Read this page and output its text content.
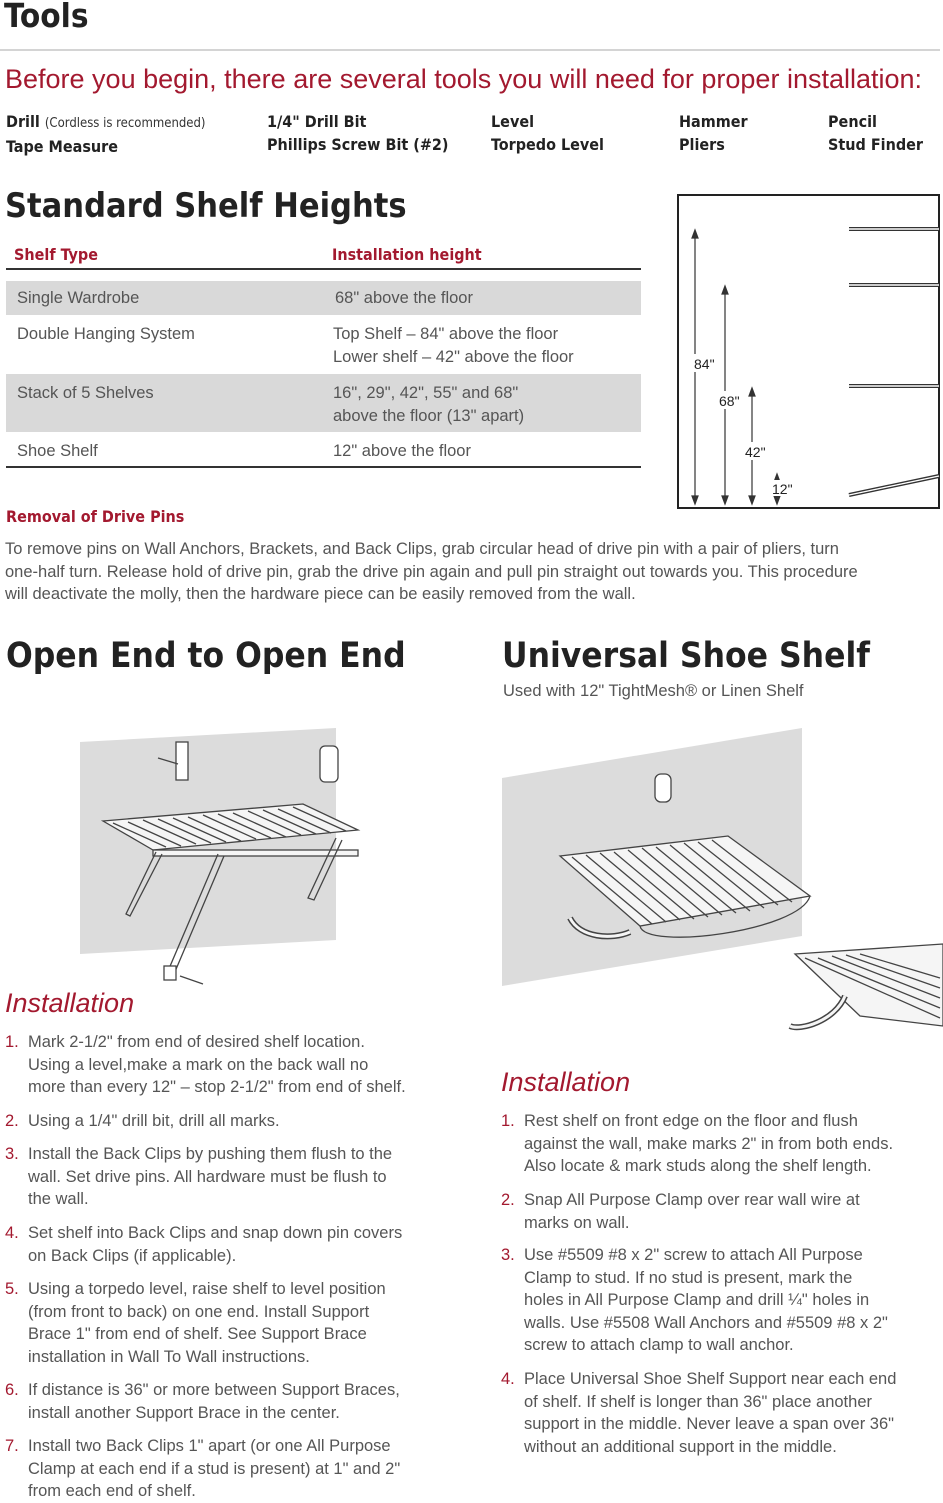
Tools
Before you begin, there are several tools you will need for proper installation:
Drill (Cordless is recommended)
Tape Measure
1/4" Drill Bit
Phillips Screw Bit (#2)
Level
Torpedo Level
Hammer
Pliers
Pencil
Stud Finder
Standard Shelf Heights
Shelf Type	Installation height
Single Wardrobe	68" above the floor
Double Hanging System	Top Shelf – 84" above the floor
Lower shelf – 42" above the floor
Stack of 5 Shelves	16", 29", 42", 55" and 68"
above the floor (13" apart)
Shoe Shelf	12" above the floor
84"
68"
42"
12"
Removal of Drive Pins
To remove pins on Wall Anchors, Brackets, and Back Clips, grab circular head of drive pin with a pair of pliers, turn
one-half turn. Release hold of drive pin, grab the drive pin again and pull pin straight out towards you. This procedure
will deactivate the molly, then the hardware piece can be easily removed from the wall.
Open End to Open End
Installation
1. Mark 2-1/2" from end of desired shelf location.
Using a level,make a mark on the back wall no
more than every 12" – stop 2-1/2" from end of shelf.
2. Using a 1/4" drill bit, drill all marks.
3. Install the Back Clips by pushing them flush to the
wall. Set drive pins. All hardware must be flush to
the wall.
4. Set shelf into Back Clips and snap down pin covers
on Back Clips (if applicable).
5. Using a torpedo level, raise shelf to level position
(from front to back) on one end. Install Support
Brace 1" from end of shelf. See Support Brace
installation in Wall To Wall instructions.
6. If distance is 36" or more between Support Braces,
install another Support Brace in the center.
7. Install two Back Clips 1" apart (or one All Purpose
Clamp at each end if a stud is present) at 1" and 2"
from each end of shelf.
Universal Shoe Shelf
Used with 12" TightMesh® or Linen Shelf
Installation
1. Rest shelf on front edge on the floor and flush
against the wall, make marks 2" in from both ends.
Also locate & mark studs along the shelf length.
2. Snap All Purpose Clamp over rear wall wire at
marks on wall.
3. Use #5509 #8 x 2" screw to attach All Purpose
Clamp to stud. If no stud is present, mark the
holes in All Purpose Clamp and drill ¼" holes in
walls. Use #5508 Wall Anchors and #5509 #8 x 2"
screw to attach clamp to wall anchor.
4. Place Universal Shoe Shelf Support near each end
of shelf. If shelf is longer than 36" place another
support in the middle. Never leave a span over 36"
without an additional support in the middle.
